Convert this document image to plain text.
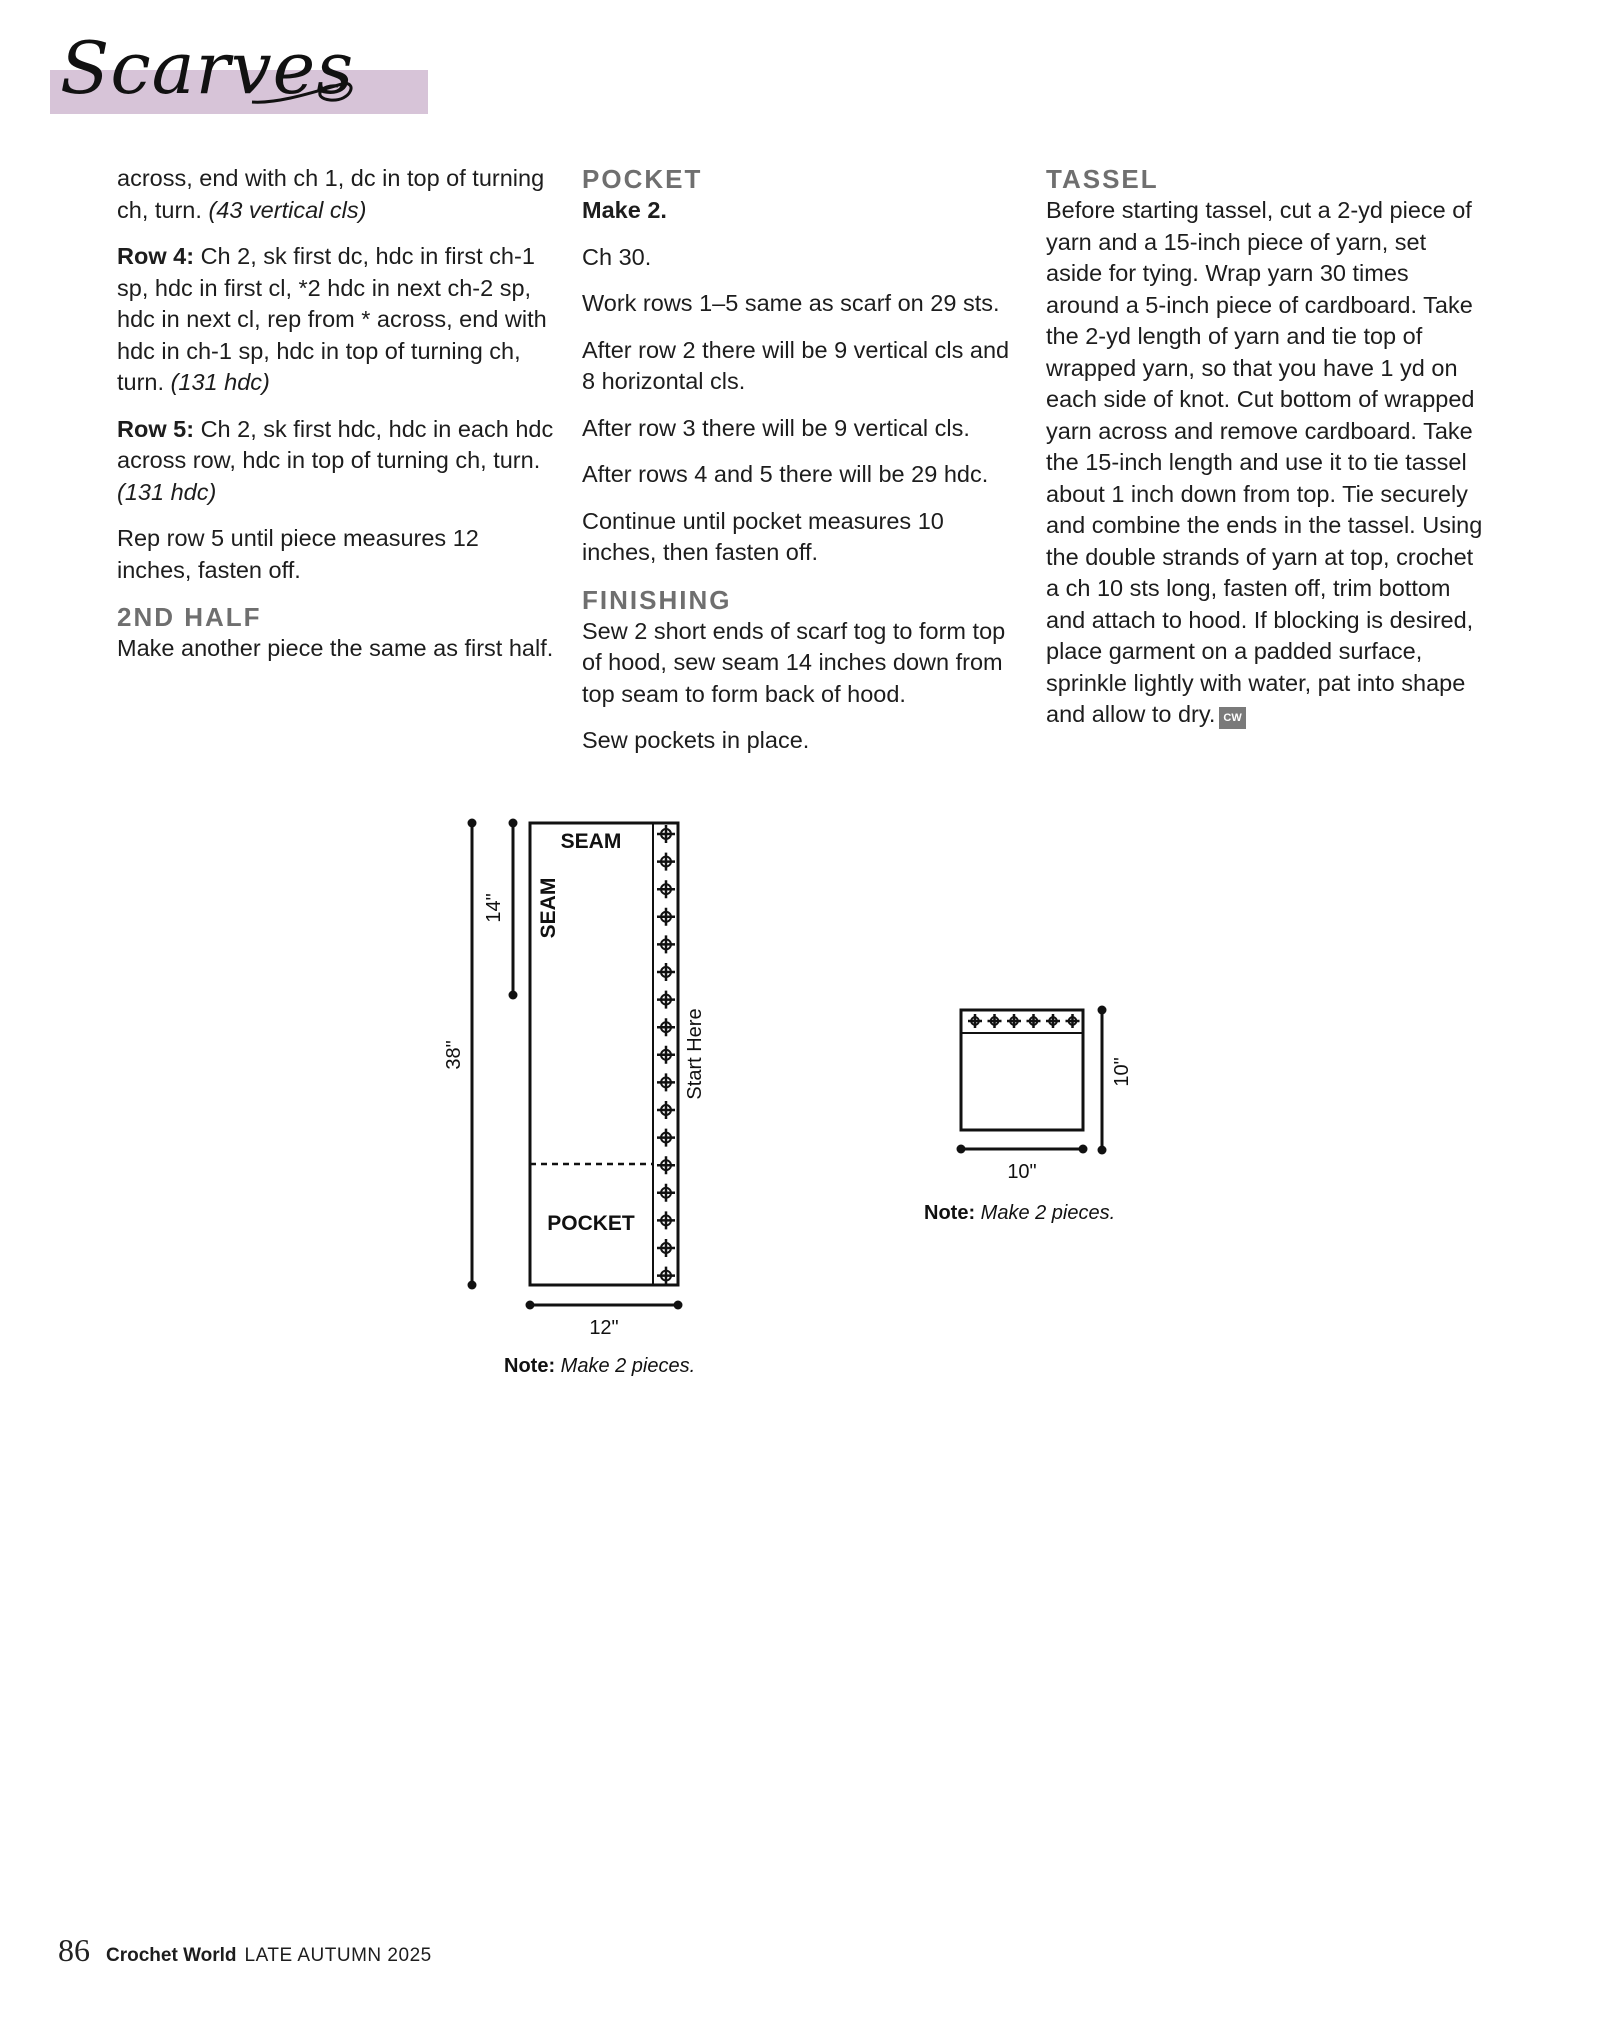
Scarves

across, end with ch 1, dc in top of turning ch, turn. (43 vertical cls)

Row 4: Ch 2, sk first dc, hdc in first ch-1 sp, hdc in first cl, *2 hdc in next ch-2 sp, hdc in next cl, rep from * across, end with hdc in ch-1 sp, hdc in top of turning ch, turn. (131 hdc)

Row 5: Ch 2, sk first hdc, hdc in each hdc across row, hdc in top of turning ch, turn. (131 hdc)

Rep row 5 until piece measures 12 inches, fasten off.

2ND HALF

Make another piece the same as first half.

POCKET
Make 2.

Ch 30.

Work rows 1–5 same as scarf on 29 sts.

After row 2 there will be 9 vertical cls and 8 horizontal cls.

After row 3 there will be 9 vertical cls.

After rows 4 and 5 there will be 29 hdc.

Continue until pocket measures 10 inches, then fasten off.

FINISHING

Sew 2 short ends of scarf tog to form top of hood, sew seam 14 inches down from top seam to form back of hood.

Sew pockets in place.

TASSEL

Before starting tassel, cut a 2-yd piece of yarn and a 15-inch piece of yarn, set aside for tying. Wrap yarn 30 times around a 5-inch piece of cardboard. Take the 2-yd length of yarn and tie top of wrapped yarn, so that you have 1 yd on each side of knot. Cut bottom of wrapped yarn across and remove cardboard. Take the 15-inch length and use it to tie tassel about 1 inch down from top. Tie securely and combine the ends in the tassel. Using the double strands of yarn at top, crochet a ch 10 sts long, fasten off, trim bottom and attach to hood. If blocking is desired, place garment on a padded surface, sprinkle lightly with water, pat into shape and allow to dry. CW

SEAM
SEAM
POCKET
Start Here
38"
14"
12"
10"
10"
Note: Make 2 pieces.
Note: Make 2 pieces.
86 Crochet World LATE AUTUMN 2025
